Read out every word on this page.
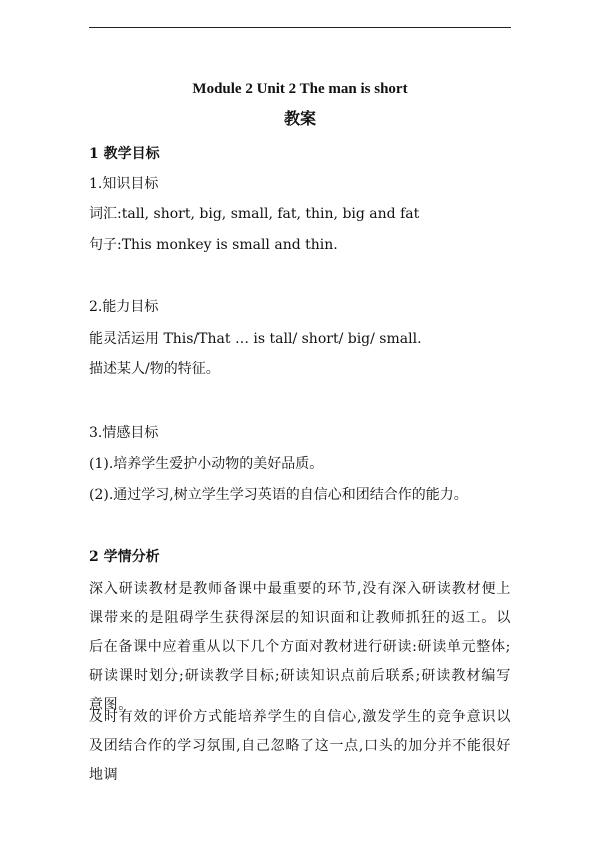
Module 2 Unit 2 The man is short
教案
1 教学目标
1.知识目标
词汇:tall, short, big, small, fat, thin, big and fat
句子:This monkey is small and thin.
2.能力目标
能灵活运用 This/That … is tall/ short/ big/ small.
描述某人/物的特征。
3.情感目标
(1).培养学生爱护小动物的美好品质。
(2).通过学习,树立学生学习英语的自信心和团结合作的能力。
2 学情分析
深入研读教材是教师备课中最重要的环节,没有深入研读教材便上课带来的是阻碍学生获得深层的知识面和让教师抓狂的返工。以后在备课中应着重从以下几个方面对教材进行研读:研读单元整体;研读课时划分;研读教学目标;研读知识点前后联系;研读教材编写意图。
及时有效的评价方式能培养学生的自信心,激发学生的竞争意识以及团结合作的学习氛围,自己忽略了这一点,口头的加分并不能很好地调
